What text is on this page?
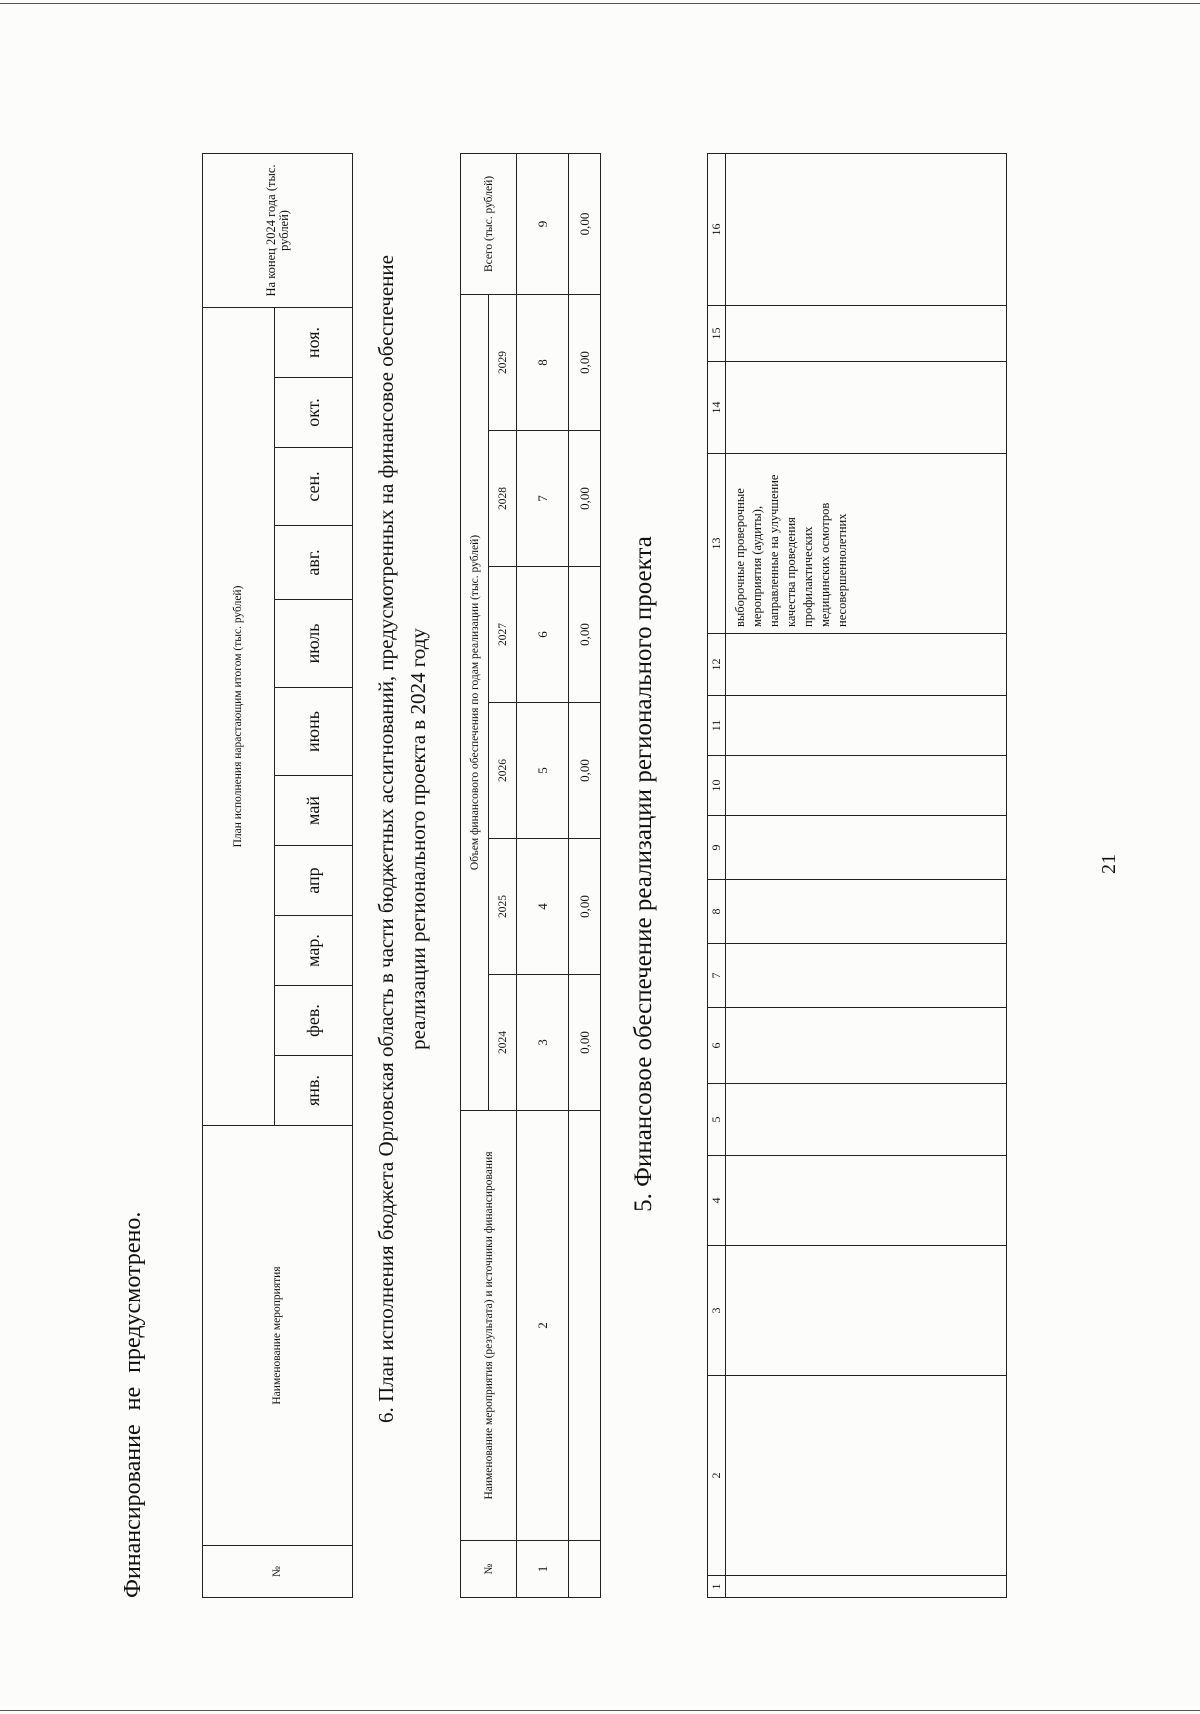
21
1	2	3	4	5	6	7	8	9	10	11	12	13	14	15	16
												выборочные проверочные мероприятия (аудиты), направленные на улучшение качества проведения профилактических медицинских осмотров несовершеннолетних			
5. Финансовое обеспечение реализации регионального проекта
№	Наименование мероприятия (результата) и источники финансирования	Объем финансового обеспечения по годам реализации (тыс. рублей)						Всего (тыс. рублей)
		2024	2025	2026	2027	2028	2029	
1	2	3	4	5	6	7	8	9
		0,00	0,00	0,00	0,00	0,00	0,00	0,00
6. План исполнения бюджета Орловская область в части бюджетных ассигнований, предусмотренных на финансовое обеспечение реализации регионального проекта в 2024 году
№	Наименование мероприятия	План исполнения нарастающим итогом (тыс. рублей)											На конец 2024 года (тыс. рублей)
		янв.	фев.	мар.	апр	май	июнь	июль	авг.	сен.	окт.	ноя.	
Финансирование не предусмотрено.
